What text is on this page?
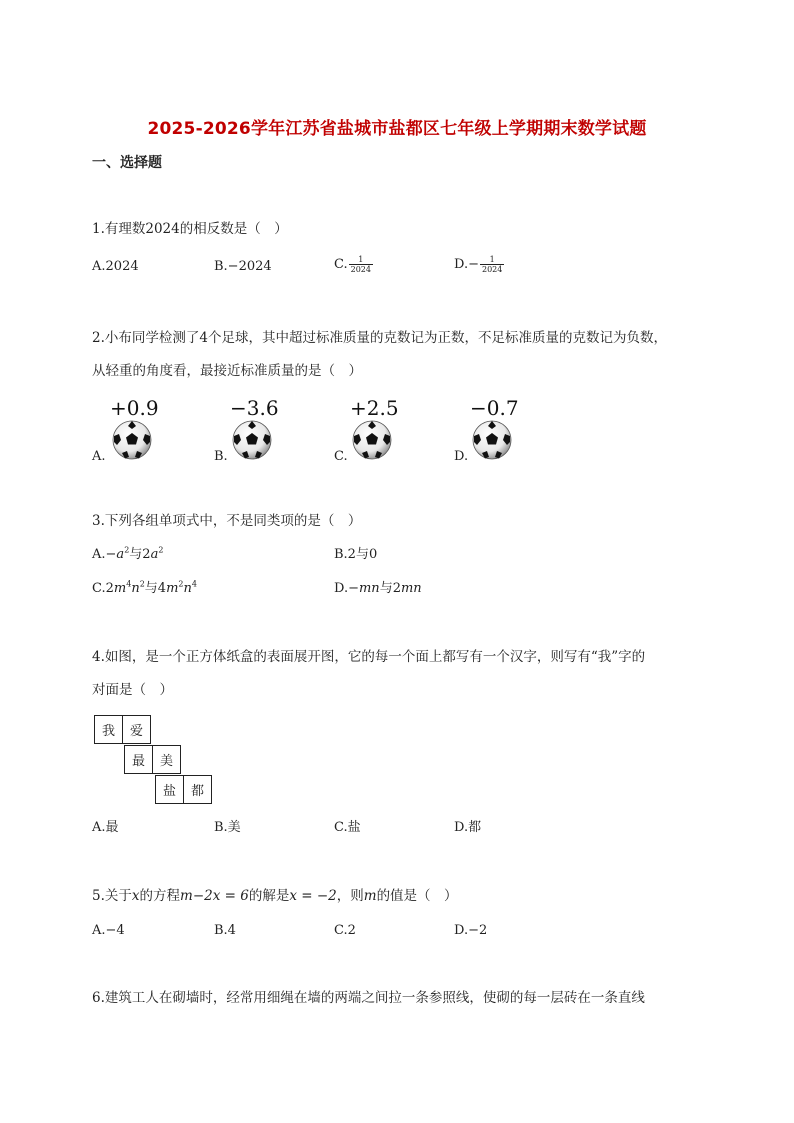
2025-2026学年江苏省盐城市盐都区七年级上学期期末数学试题
一、选择题
1.有理数2024的相反数是（　）
A.2024	B.−2024	C. $\frac{1}{2024}$	$D.- \frac{1}{2024}$
2.小布同学检测了4个足球，其中超过标准质量的克数记为正数，不足标准质量的克数记为负数，
从轻重的角度看，最接近标准质量的是（　）
+0.9
A.
−3.6
B.
+2.5
C.
−0.7
D.
3.下列各组单项式中，不是同类项的是（　）
$A.-a^2$与$2a^2$	B.2与0
$C.2m^4n^2$与$4m^2n^4$	D.−mn与2mn
4.如图，是一个正方体纸盒的表面展开图，它的每一个面上都写有一个汉字，则写有“我”字的
对面是（　）
我	爱
最	美
盐	都
A.最	B.美	C.盐	D.都
5.关于x的方程m−2x = 6的解是x = −2，则m的值是（　）
A.−4	B.4	C.2	D.−2
6.建筑工人在砌墙时，经常用细绳在墙的两端之间拉一条参照线，使砌的每一层砖在一条直线
